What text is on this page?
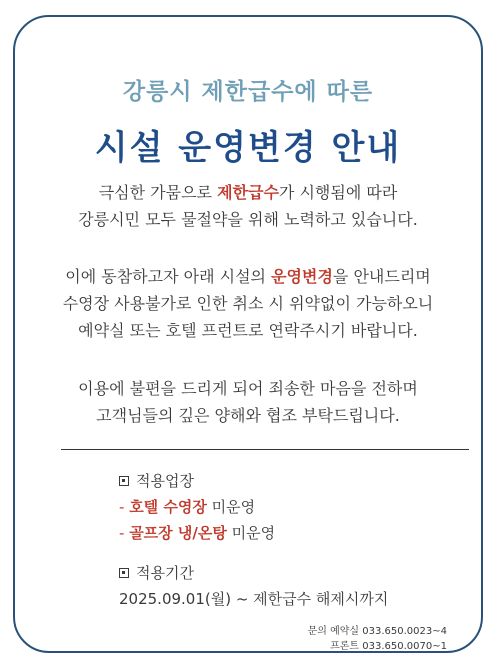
강릉시 제한급수에 따른
시설 운영변경 안내
극심한 가뭄으로 제한급수가 시행됨에 따라
강릉시민 모두 물절약을 위해 노력하고 있습니다.
이에 동참하고자 아래 시설의 운영변경을 안내드리며
수영장 사용불가로 인한 취소 시 위약없이 가능하오니
예약실 또는 호텔 프런트로 연락주시기 바랍니다.
이용에 불편을 드리게 되어 죄송한 마음을 전하며
고객님들의 깊은 양해와 협조 부탁드립니다.
적용업장
- 호텔 수영장 미운영
- 골프장 냉/온탕 미운영
적용기간
2025.09.01(월) ~ 제한급수 해제시까지
문의 예약실 033.650.0023~4
프론트 033.650.0070~1
